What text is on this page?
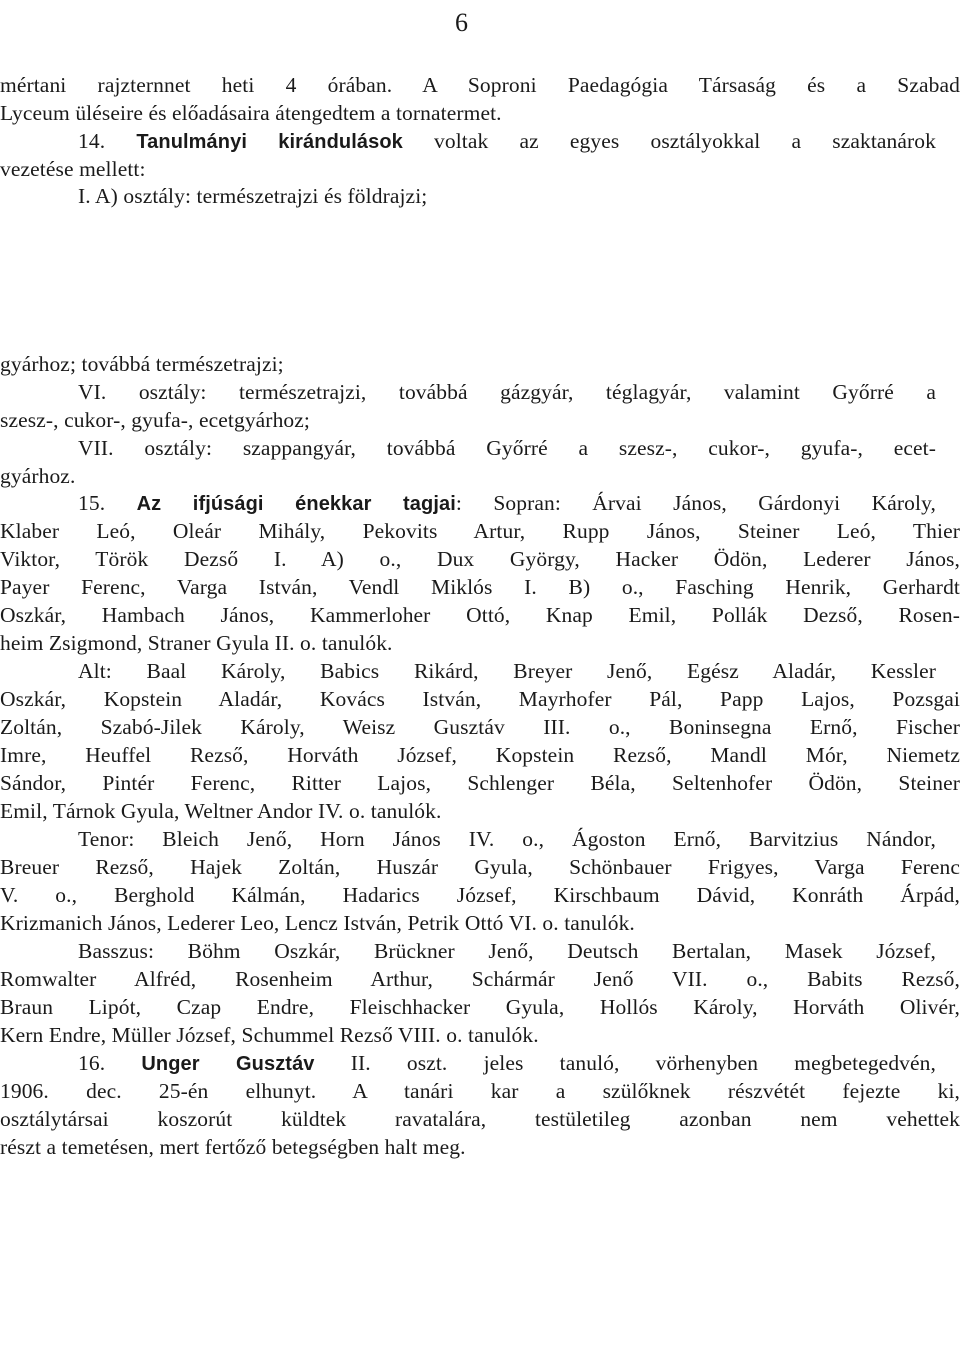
6
mértani rajzternnet heti 4 órában. A Soproni Paedagógia Társaság és a Szabad
Lyceum üléseire és előadásaira átengedtem a tornatermet.
14. Tanulmányi kirándulások voltak az egyes osztályokkal a szaktanárok
vezetése mellett:
I. A) osztály: természetrajzi és földrajzi;
gyárhoz; továbbá természetrajzi;
VI. osztály: természetrajzi, továbbá gázgyár, téglagyár, valamint Győrré a
szesz-, cukor-, gyufa-, ecetgyárhoz;
VII. osztály: szappangyár, továbbá Győrré a szesz-, cukor-, gyufa-, ecet-
gyárhoz.
15. Az ifjúsági énekkar tagjai: Sopran: Árvai János, Gárdonyi Károly,
Klaber Leó, Oleár Mihály, Pekovits Artur, Rupp János, Steiner Leó, Thier
Viktor, Török Dezső I. A) o., Dux György, Hacker Ödön, Lederer János,
Payer Ferenc, Varga István, Vendl Miklós I. B) o., Fasching Henrik, Gerhardt
Oszkár, Hambach János, Kammerloher Ottó, Knap Emil, Pollák Dezső, Rosen-
heim Zsigmond, Straner Gyula II. o. tanulók.
Alt: Baal Károly, Babics Rikárd, Breyer Jenő, Egész Aladár, Kessler
Oszkár, Kopstein Aladár, Kovács István, Mayrhofer Pál, Papp Lajos, Pozsgai
Zoltán, Szabó-Jilek Károly, Weisz Gusztáv III. o., Boninsegna Ernő, Fischer
Imre, Heuffel Rezső, Horváth József, Kopstein Rezső, Mandl Mór, Niemetz
Sándor, Pintér Ferenc, Ritter Lajos, Schlenger Béla, Seltenhofer Ödön, Steiner
Emil, Tárnok Gyula, Weltner Andor IV. o. tanulók.
Tenor: Bleich Jenő, Horn János IV. o., Ágoston Ernő, Barvitzius Nándor,
Breuer Rezső, Hajek Zoltán, Huszár Gyula, Schönbauer Frigyes, Varga Ferenc
V. o., Berghold Kálmán, Hadarics József, Kirschbaum Dávid, Konráth Árpád,
Krizmanich János, Lederer Leo, Lencz István, Petrik Ottó VI. o. tanulók.
Basszus: Böhm Oszkár, Brückner Jenő, Deutsch Bertalan, Masek József,
Romwalter Alfréd, Rosenheim Arthur, Schármár Jenő VII. o., Babits Rezső,
Braun Lipót, Czap Endre, Fleischhacker Gyula, Hollós Károly, Horváth Olivér,
Kern Endre, Müller József, Schummel Rezső VIII. o. tanulók.
16. Unger Gusztáv II. oszt. jeles tanuló, vörhenyben megbetegedvén,
1906. dec. 25-én elhunyt. A tanári kar a szülőknek részvétét fejezte ki,
osztálytársai koszorút küldtek ravatalára, testületileg azonban nem vehettek
részt a temetésen, mert fertőző betegségben halt meg.
